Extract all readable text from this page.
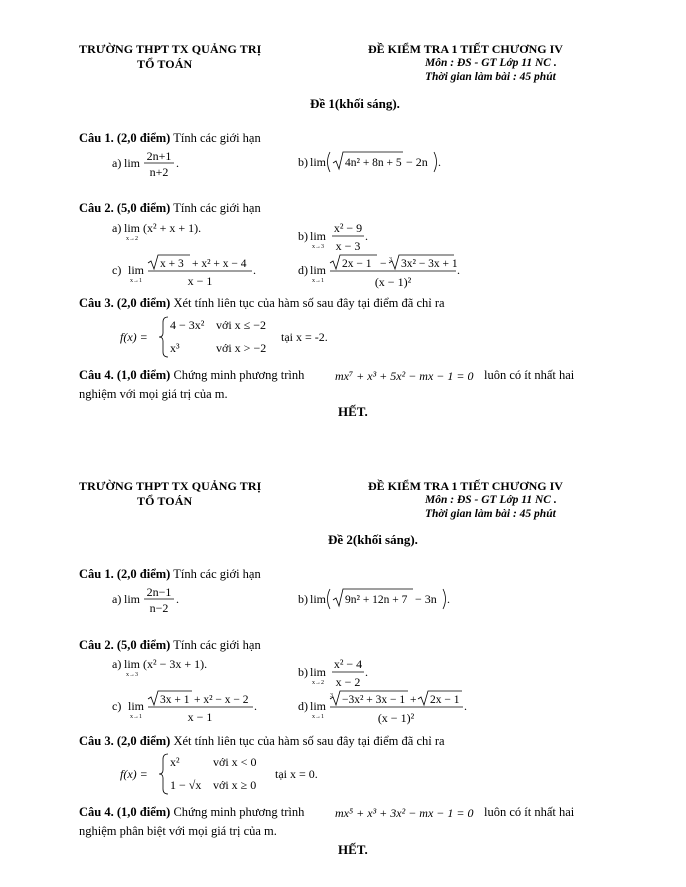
TRƯỜNG THPT TX QUẢNG TRỊ
TỔ TOÁN
ĐỀ KIỂM TRA 1 TIẾT CHƯƠNG IV
Môn : ĐS - GT Lớp 11 NC .
Thời gian làm bài : 45 phút
Đề 1(khối sáng).
Câu 1. (2,0 điểm) Tính các giới hạn
a) lim 2n+1
n+2
.	b) lim 4n² + 8n + 5 − 2n .
Câu 2. (5,0 điểm) Tính các giới hạn
a) lim
x→2
(x² + x + 1).
b) lim
x→3
x² − 9
x − 3
.
c) lim
x→1
x + 3 + x² + x − 4
x − 1
.	d) lim
x→1
2x − 1 − 3 3x² − 3x + 1
(x − 1)²
.
Câu 3. (2,0 điểm) Xét tính liên tục của hàm số sau đây tại điểm đã chỉ ra
f(x) =
4 − 3x² với x ≤ −2
x³	với x > −2
tại x = -2.
Câu 4. (1,0 điểm) Chứng minh phương trình	mx⁷ + x³ + 5x² − mx − 1 = 0 luôn có ít nhất hai
nghiệm với mọi giá trị của m.
HẾT.
TRƯỜNG THPT TX QUẢNG TRỊ
TỔ TOÁN
ĐỀ KIỂM TRA 1 TIẾT CHƯƠNG IV
Môn : ĐS - GT Lớp 11 NC .
Thời gian làm bài : 45 phút
Đề 2(khối sáng).
Câu 1. (2,0 điểm) Tính các giới hạn
a) lim 2n−1
n−2
.	b) lim 9n² + 12n + 7 − 3n .
Câu 2. (5,0 điểm) Tính các giới hạn
a) lim
x→3
(x² − 3x + 1).
b) lim
x→2
x² − 4
x − 2
.
c) lim
x→1
3x + 1 + x² − x − 2
x − 1
.	d) lim
x→1
3 −3x² + 3x − 1 + 2x − 1
(x − 1)²
.
Câu 3. (2,0 điểm) Xét tính liên tục của hàm số sau đây tại điểm đã chỉ ra
f(x) =
x²	với x < 0
1 − √x với x ≥ 0
tại x = 0.
Câu 4. (1,0 điểm) Chứng minh phương trình	mx⁵ + x³ + 3x² − mx − 1 = 0 luôn có ít nhất hai
nghiệm phân biệt với mọi giá trị của m.
HẾT.
